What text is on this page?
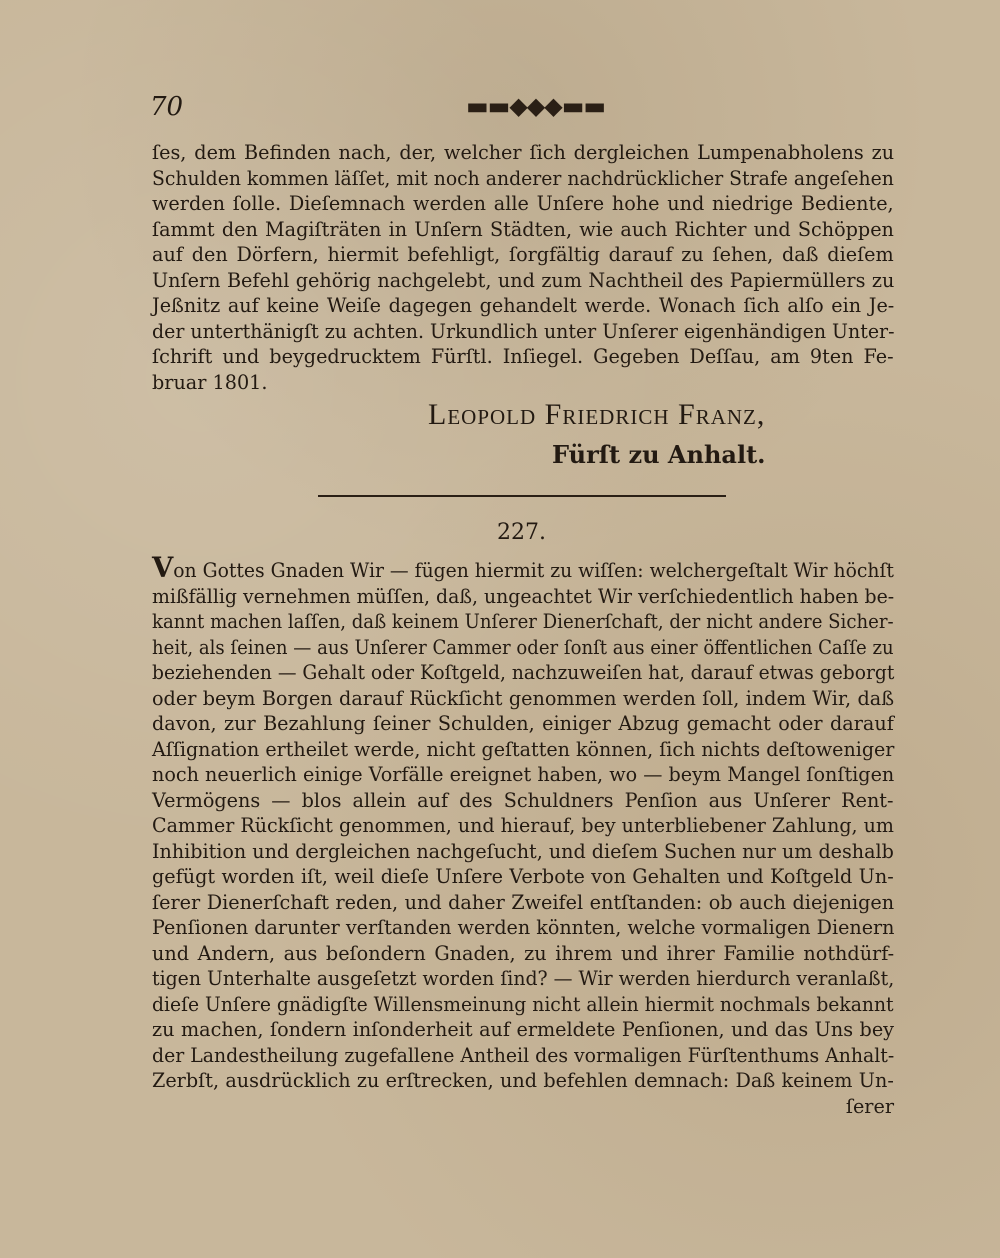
70	▬▬◆◆◆▬▬
ſes, dem Befinden nach, der, welcher ſich dergleichen Lumpenabholens zu
Schulden kommen läſſet, mit noch anderer nachdrücklicher Strafe angeſehen
werden ſolle. Dieſemnach werden alle Unſere hohe und niedrige Bediente,
ſammt den Magiſträten in Unſern Städten, wie auch Richter und Schöppen
auf den Dörfern, hiermit befehligt, ſorgfältig darauf zu ſehen, daß dieſem
Unſern Befehl gehörig nachgelebt, und zum Nachtheil des Papiermüllers zu
Jeßnitz auf keine Weiſe dagegen gehandelt werde. Wonach ſich alſo ein Je-
der unterthänigſt zu achten. Urkundlich unter Unſerer eigenhändigen Unter-
ſchrift und beygedrucktem Fürſtl. Inſiegel. Gegeben Deſſau, am 9ten Fe-
bruar 1801.
Leopold Friedrich Franz,
Fürſt zu Anhalt.
227.
Von Gottes Gnaden Wir — fügen hiermit zu wiſſen: welchergeſtalt Wir höchſt
mißfällig vernehmen müſſen, daß, ungeachtet Wir verſchiedentlich haben be-
kannt machen laſſen, daß keinem Unſerer Dienerſchaft, der nicht andere Sicher-
heit, als ſeinen — aus Unſerer Cammer oder ſonſt aus einer öffentlichen Caſſe zu
beziehenden — Gehalt oder Koſtgeld, nachzuweiſen hat, darauf etwas geborgt
oder beym Borgen darauf Rückſicht genommen werden ſoll, indem Wir, daß
davon, zur Bezahlung ſeiner Schulden, einiger Abzug gemacht oder darauf
Aſſignation ertheilet werde, nicht geſtatten können, ſich nichts deſtoweniger
noch neuerlich einige Vorfälle ereignet haben, wo — beym Mangel ſonſtigen
Vermögens — blos allein auf des Schuldners Penſion aus Unſerer Rent-
Cammer Rückſicht genommen, und hierauf, bey unterbliebener Zahlung, um
Inhibition und dergleichen nachgeſucht, und dieſem Suchen nur um deshalb
gefügt worden iſt, weil dieſe Unſere Verbote von Gehalten und Koſtgeld Un-
ſerer Dienerſchaft reden, und daher Zweifel entſtanden: ob auch diejenigen
Penſionen darunter verſtanden werden könnten, welche vormaligen Dienern
und Andern, aus beſondern Gnaden, zu ihrem und ihrer Familie nothdürf-
tigen Unterhalte ausgeſetzt worden ſind? — Wir werden hierdurch veranlaßt,
dieſe Unſere gnädigſte Willensmeinung nicht allein hiermit nochmals bekannt
zu machen, ſondern inſonderheit auf ermeldete Penſionen, und das Uns bey
der Landestheilung zugefallene Antheil des vormaligen Fürſtenthums Anhalt-
Zerbſt, ausdrücklich zu erſtrecken, und befehlen demnach: Daß keinem Un-
ſerer
